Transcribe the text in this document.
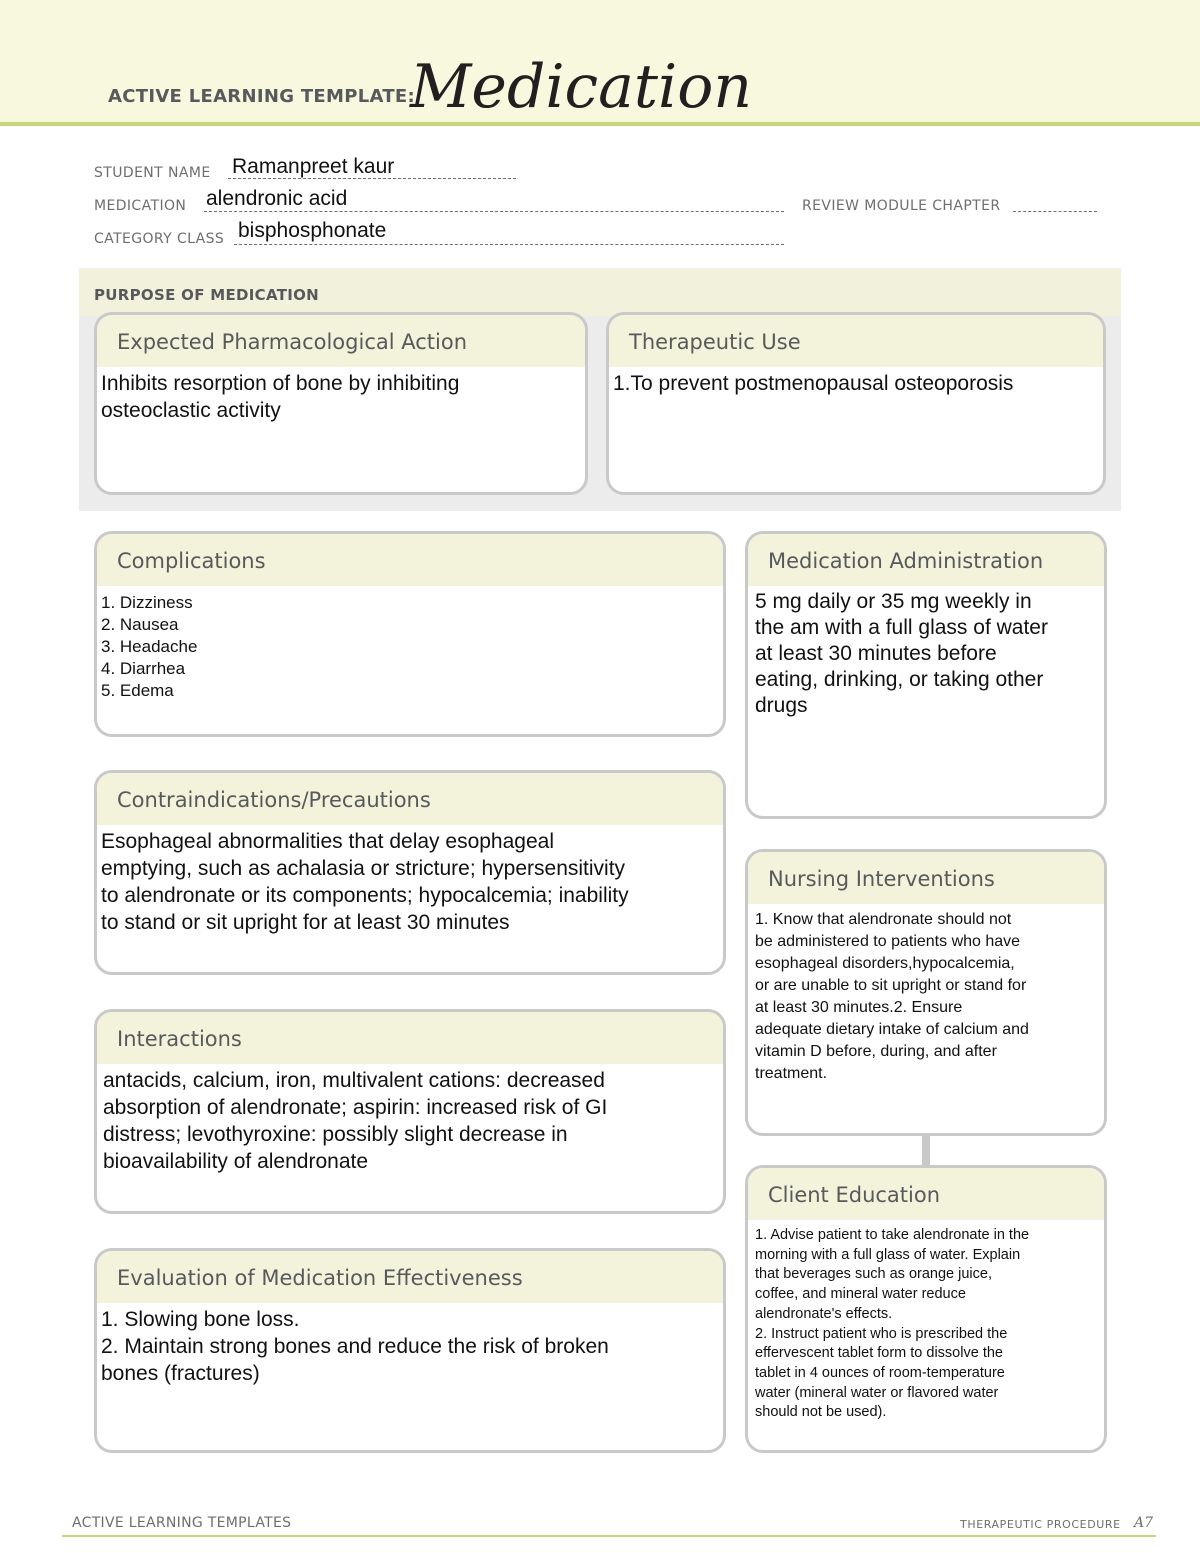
ACTIVE LEARNING TEMPLATE:
Medication
STUDENT NAME Ramanpreet kaur
MEDICATION alendronic acid	REVIEW MODULE CHAPTER
CATEGORY CLASS bisphosphonate
PURPOSE OF MEDICATION
Expected Pharmacological Action
Inhibits resorption of bone by inhibiting
osteoclastic activity
Therapeutic Use
1.To prevent postmenopausal osteoporosis
Complications
1. Dizziness
2. Nausea
3. Headache
4. Diarrhea
5. Edema
Contraindications/Precautions
Esophageal abnormalities that delay esophageal
emptying, such as achalasia or stricture; hypersensitivity
to alendronate or its components; hypocalcemia; inability
to stand or sit upright for at least 30 minutes
Interactions
antacids, calcium, iron, multivalent cations: decreased
absorption of alendronate; aspirin: increased risk of GI
distress; levothyroxine: possibly slight decrease in
bioavailability of alendronate
Evaluation of Medication Effectiveness
1. Slowing bone loss.
2. Maintain strong bones and reduce the risk of broken
bones (fractures)
Medication Administration
5 mg daily or 35 mg weekly in
the am with a full glass of water
at least 30 minutes before
eating, drinking, or taking other
drugs
Nursing Interventions
1. Know that alendronate should not
be administered to patients who have
esophageal disorders,hypocalcemia,
or are unable to sit upright or stand for
at least 30 minutes.2. Ensure
adequate dietary intake of calcium and
vitamin D before, during, and after
treatment.
Client Education
1. Advise patient to take alendronate in the
morning with a full glass of water. Explain
that beverages such as orange juice,
coffee, and mineral water reduce
alendronate's effects.
2. Instruct patient who is prescribed the
effervescent tablet form to dissolve the
tablet in 4 ounces of room-temperature
water (mineral water or flavored water
should not be used).
ACTIVE LEARNING TEMPLATES	THERAPEUTIC PROCEDURE A7
